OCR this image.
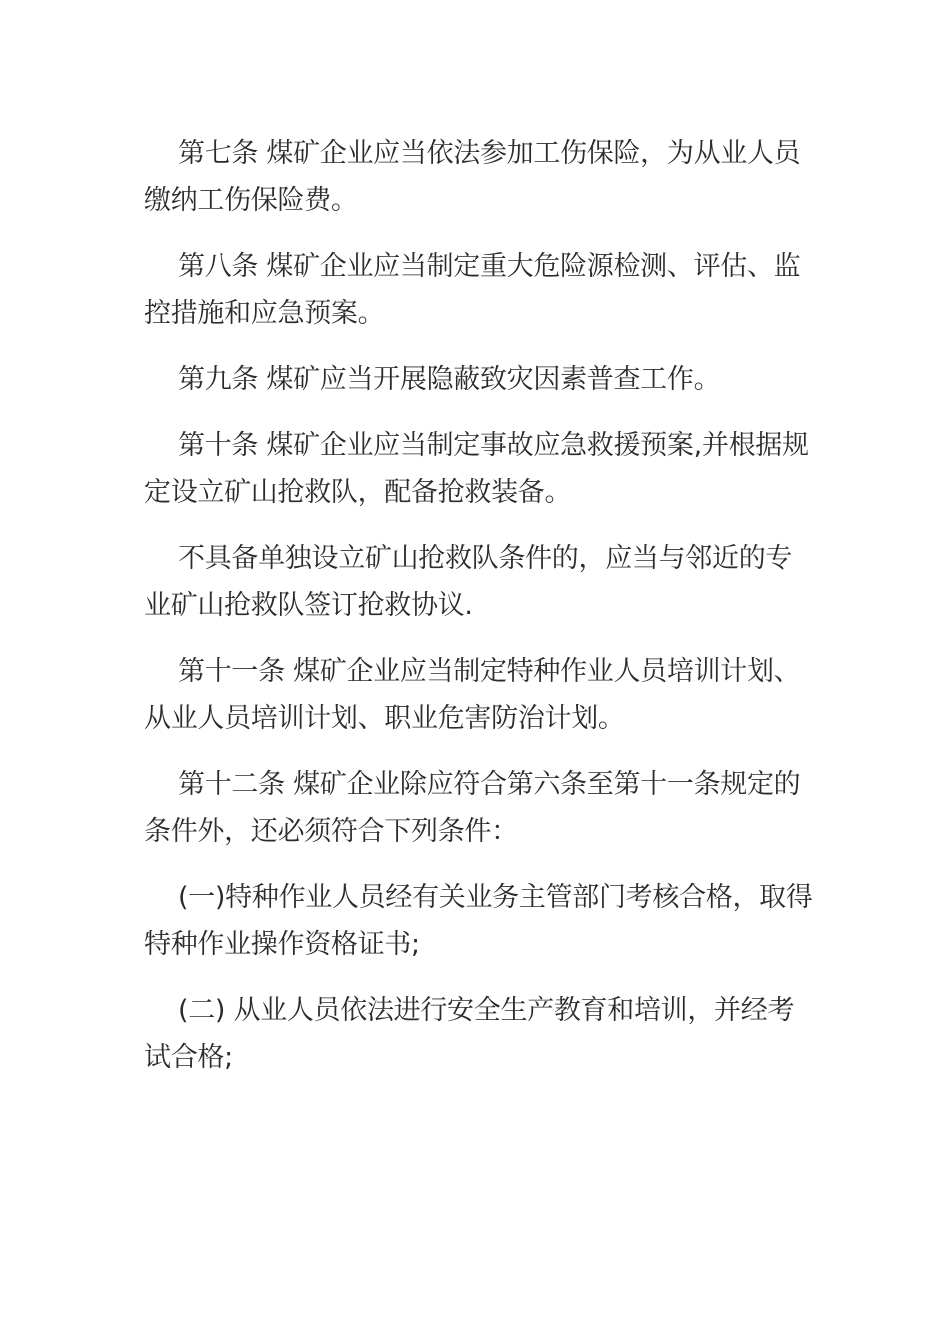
第七条 煤矿企业应当依法参加工伤保险，为从业人员缴纳工伤保险费。

第八条 煤矿企业应当制定重大危险源检测、评估、监控措施和应急预案。

第九条 煤矿应当开展隐蔽致灾因素普查工作。

第十条 煤矿企业应当制定事故应急救援预案,并根据规定设立矿山抢救队，配备抢救装备。

不具备单独设立矿山抢救队条件的，应当与邻近的专业矿山抢救队签订抢救协议.

第十一条 煤矿企业应当制定特种作业人员培训计划、从业人员培训计划、职业危害防治计划。

第十二条 煤矿企业除应符合第六条至第十一条规定的条件外，还必须符合下列条件：

(一)特种作业人员经有关业务主管部门考核合格，取得特种作业操作资格证书;

(二) 从业人员依法进行安全生产教育和培训，并经考试合格;
